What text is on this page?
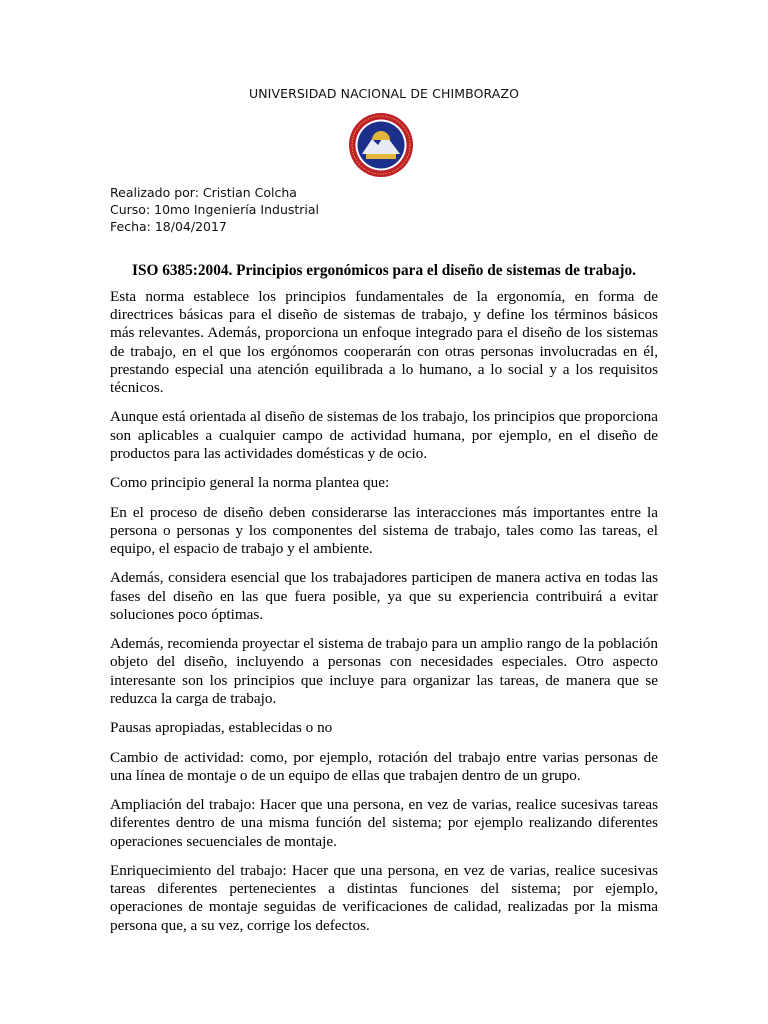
UNIVERSIDAD NACIONAL DE CHIMBORAZO
Realizado por: Cristian Colcha
Curso: 10mo Ingeniería Industrial
Fecha: 18/04/2017
ISO 6385:2004. Principios ergonómicos para el diseño de sistemas de trabajo.

Esta norma establece los principios fundamentales de la ergonomía, en forma de directrices básicas para el diseño de sistemas de trabajo, y define los términos básicos más relevantes. Además, proporciona un enfoque integrado para el diseño de los sistemas de trabajo, en el que los ergónomos cooperarán con otras personas involucradas en él, prestando especial una atención equilibrada a lo humano, a lo social y a los requisitos técnicos.

Aunque está orientada al diseño de sistemas de los trabajo, los principios que proporciona son aplicables a cualquier campo de actividad humana, por ejemplo, en el diseño de productos para las actividades domésticas y de ocio.

Como principio general la norma plantea que:

En el proceso de diseño deben considerarse las interacciones más importantes entre la persona o personas y los componentes del sistema de trabajo, tales como las tareas, el equipo, el espacio de trabajo y el ambiente.

Además, considera esencial que los trabajadores participen de manera activa en todas las fases del diseño en las que fuera posible, ya que su experiencia contribuirá a evitar soluciones poco óptimas.

Además, recomienda proyectar el sistema de trabajo para un amplio rango de la población objeto del diseño, incluyendo a personas con necesidades especiales. Otro aspecto interesante son los principios que incluye para organizar las tareas, de manera que se reduzca la carga de trabajo.

Pausas apropiadas, establecidas o no

Cambio de actividad: como, por ejemplo, rotación del trabajo entre varias personas de una línea de montaje o de un equipo de ellas que trabajen dentro de un grupo.

Ampliación del trabajo: Hacer que una persona, en vez de varias, realice sucesivas tareas diferentes dentro de una misma función del sistema; por ejemplo realizando diferentes operaciones secuenciales de montaje.

Enriquecimiento del trabajo: Hacer que una persona, en vez de varias, realice sucesivas tareas diferentes pertenecientes a distintas funciones del sistema; por ejemplo, operaciones de montaje seguidas de verificaciones de calidad, realizadas por la misma persona que, a su vez, corrige los defectos.
